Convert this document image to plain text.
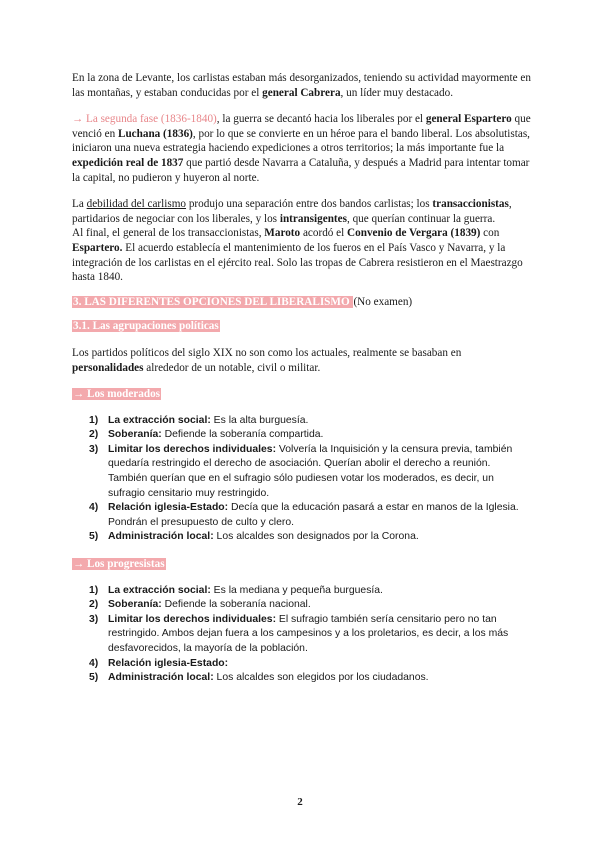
En la zona de Levante, los carlistas estaban más desorganizados, teniendo su actividad mayormente en las montañas, y estaban conducidas por el general Cabrera, un líder muy destacado.

→ La segunda fase (1836-1840), la guerra se decantó hacia los liberales por el general Espartero que venció en Luchana (1836), por lo que se convierte en un héroe para el bando liberal. Los absolutistas, iniciaron una nueva estrategia haciendo expediciones a otros territorios; la más importante fue la expedición real de 1837 que partió desde Navarra a Cataluña, y después a Madrid para intentar tomar la capital, no pudieron y huyeron al norte.

La debilidad del carlismo produjo una separación entre dos bandos carlistas; los transaccionistas, partidarios de negociar con los liberales, y los intransigentes, que querían continuar la guerra.

Al final, el general de los transaccionistas, Maroto acordó el Convenio de Vergara (1839) con Espartero. El acuerdo establecía el mantenimiento de los fueros en el País Vasco y Navarra, y la integración de los carlistas en el ejército real. Solo las tropas de Cabrera resistieron en el Maestrazgo hasta 1840.

3. LAS DIFERENTES OPCIONES DEL LIBERALISMO (No examen)

3.1. Las agrupaciones políticas

Los partidos políticos del siglo XIX no son como los actuales, realmente se basaban en personalidades alrededor de un notable, civil o militar.

→ Los moderados

1) La extracción social: Es la alta burguesía.
2) Soberanía: Defiende la soberanía compartida.
3) Limitar los derechos individuales: Volvería la Inquisición y la censura previa, también quedaría restringido el derecho de asociación. Querían abolir el derecho a reunión. También querían que en el sufragio sólo pudiesen votar los moderados, es decir, un sufragio censitario muy restringido.
4) Relación iglesia-Estado: Decía que la educación pasará a estar en manos de la Iglesia. Pondrán el presupuesto de culto y clero.
5) Administración local: Los alcaldes son designados por la Corona.

→ Los progresistas

1) La extracción social: Es la mediana y pequeña burguesía.
2) Soberanía: Defiende la soberanía nacional.
3) Limitar los derechos individuales: El sufragio también sería censitario pero no tan restringido. Ambos dejan fuera a los campesinos y a los proletarios, es decir, a los más desfavorecidos, la mayoría de la población.
4) Relación iglesia-Estado:
5) Administración local: Los alcaldes son elegidos por los ciudadanos.
2
